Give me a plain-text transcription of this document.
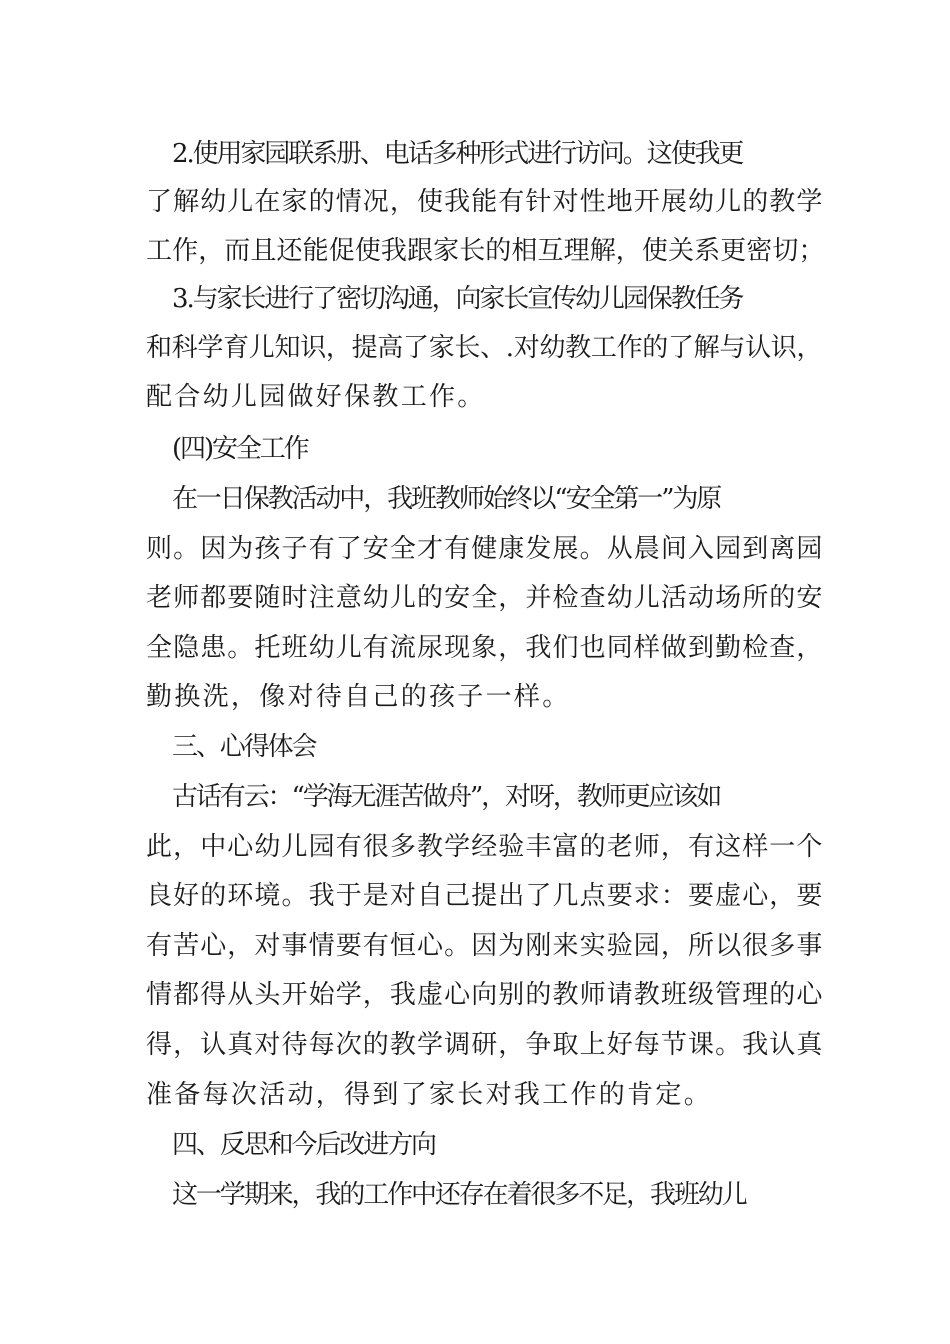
2.使用家园联系册、电话多种形式进行访问。这使我更

了解幼儿在家的情况，使我能有针对性地开展幼儿的教学

工作，而且还能促使我跟家长的相互理解，使关系更密切；

3.与家长进行了密切沟通，向家长宣传幼儿园保教任务

和科学育儿知识，提高了家长、.对幼教工作的了解与认识，

配合幼儿园做好保教工作。

(四)安全工作

在一日保教活动中，我班教师始终以“安全第一”为原

则。因为孩子有了安全才有健康发展。从晨间入园到离园

老师都要随时注意幼儿的安全，并检查幼儿活动场所的安

全隐患。托班幼儿有流尿现象，我们也同样做到勤检查，

勤换洗，像对待自己的孩子一样。

三、心得体会

古话有云：“学海无涯苦做舟”，对呀，教师更应该如

此，中心幼儿园有很多教学经验丰富的老师，有这样一个

良好的环境。我于是对自己提出了几点要求：要虚心，要

有苦心，对事情要有恒心。因为刚来实验园，所以很多事

情都得从头开始学，我虚心向别的教师请教班级管理的心

得，认真对待每次的教学调研，争取上好每节课。我认真

准备每次活动，得到了家长对我工作的肯定。

四、反思和今后改进方向

这一学期来，我的工作中还存在着很多不足，我班幼儿
